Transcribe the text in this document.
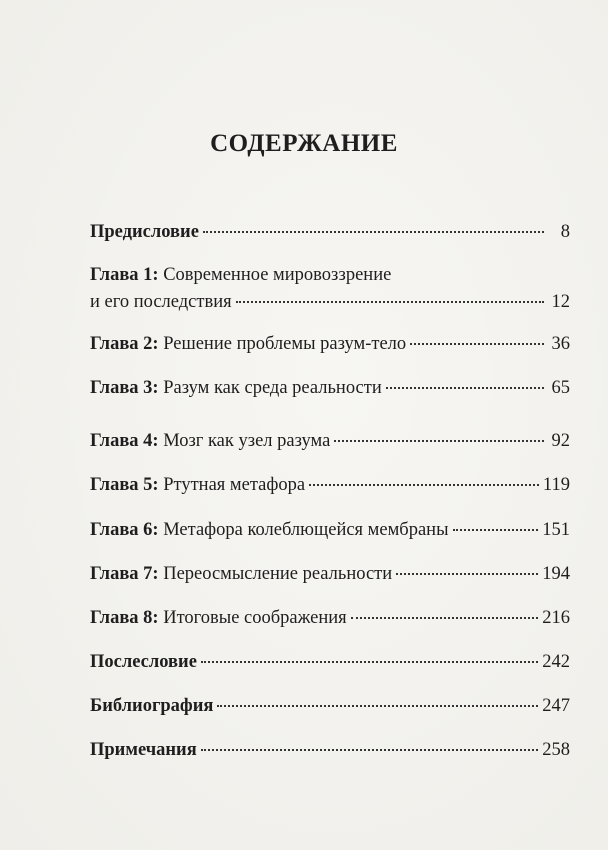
СОДЕРЖАНИЕ
Предисловие	8
Глава 1: Современное мировоззрение
и его последствия	12
Глава 2: Решение проблемы разум-тело	36
Глава 3: Разум как среда реальности	65
Глава 4: Мозг как узел разума	92
Глава 5: Ртутная метафора	119
Глава 6: Метафора колеблющейся мембраны	151
Глава 7: Переосмысление реальности	194
Глава 8: Итоговые соображения	216
Послесловие	242
Библиография	247
Примечания	258
